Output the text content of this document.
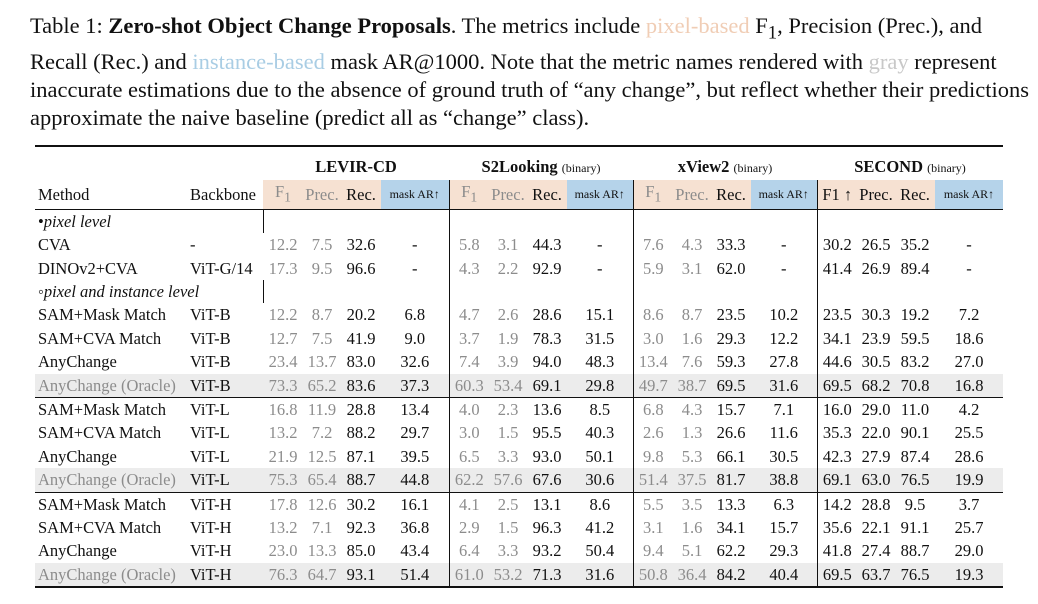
Table 1: Zero-shot Object Change Proposals. The metrics include pixel-based $F_1$, Precision (Prec.), and Recall (Rec.) and instance-based mask AR@1000. Note that the metric names rendered with gray represent inaccurate estimations due to the absence of ground truth of “any change”, but reflect whether their predictions approximate the naive baseline (predict all as “change” class).

		LEVIR-CD				S2Looking (binary)				xView2 (binary)				SECOND (binary)			
Method	Backbone	$F_1$	Prec.	Rec.	mask AR↑	$F_1$	Prec.	Rec.	mask AR↑	$F_1$	Prec.	Rec.	mask AR↑	F1 ↑	Prec.	Rec.	mask AR↑
•pixel level																	
CVA	-	12.2	7.5	32.6	-	5.8	3.1	44.3	-	7.6	4.3	33.3	-	30.2	26.5	35.2	-
DINOv2+CVA	ViT-G/14	17.3	9.5	96.6	-	4.3	2.2	92.9	-	5.9	3.1	62.0	-	41.4	26.9	89.4	-
◦pixel and instance level																	
SAM+Mask Match	ViT-B	12.2	8.7	20.2	6.8	4.7	2.6	28.6	15.1	8.6	8.7	23.5	10.2	23.5	30.3	19.2	7.2
SAM+CVA Match	ViT-B	12.7	7.5	41.9	9.0	3.7	1.9	78.3	31.5	3.0	1.6	29.3	12.2	34.1	23.9	59.5	18.6
AnyChange	ViT-B	23.4	13.7	83.0	32.6	7.4	3.9	94.0	48.3	13.4	7.6	59.3	27.8	44.6	30.5	83.2	27.0
AnyChange (Oracle)	ViT-B	73.3	65.2	83.6	37.3	60.3	53.4	69.1	29.8	49.7	38.7	69.5	31.6	69.5	68.2	70.8	16.8
SAM+Mask Match	ViT-L	16.8	11.9	28.8	13.4	4.0	2.3	13.6	8.5	6.8	4.3	15.7	7.1	16.0	29.0	11.0	4.2
SAM+CVA Match	ViT-L	13.2	7.2	88.2	29.7	3.0	1.5	95.5	40.3	2.6	1.3	26.6	11.6	35.3	22.0	90.1	25.5
AnyChange	ViT-L	21.9	12.5	87.1	39.5	6.5	3.3	93.0	50.1	9.8	5.3	66.1	30.5	42.3	27.9	87.4	28.6
AnyChange (Oracle)	ViT-L	75.3	65.4	88.7	44.8	62.2	57.6	67.6	30.6	51.4	37.5	81.7	38.8	69.1	63.0	76.5	19.9
SAM+Mask Match	ViT-H	17.8	12.6	30.2	16.1	4.1	2.5	13.1	8.6	5.5	3.5	13.3	6.3	14.2	28.8	9.5	3.7
SAM+CVA Match	ViT-H	13.2	7.1	92.3	36.8	2.9	1.5	96.3	41.2	3.1	1.6	34.1	15.7	35.6	22.1	91.1	25.7
AnyChange	ViT-H	23.0	13.3	85.0	43.4	6.4	3.3	93.2	50.4	9.4	5.1	62.2	29.3	41.8	27.4	88.7	29.0
AnyChange (Oracle)	ViT-H	76.3	64.7	93.1	51.4	61.0	53.2	71.3	31.6	50.8	36.4	84.2	40.4	69.5	63.7	76.5	19.3
